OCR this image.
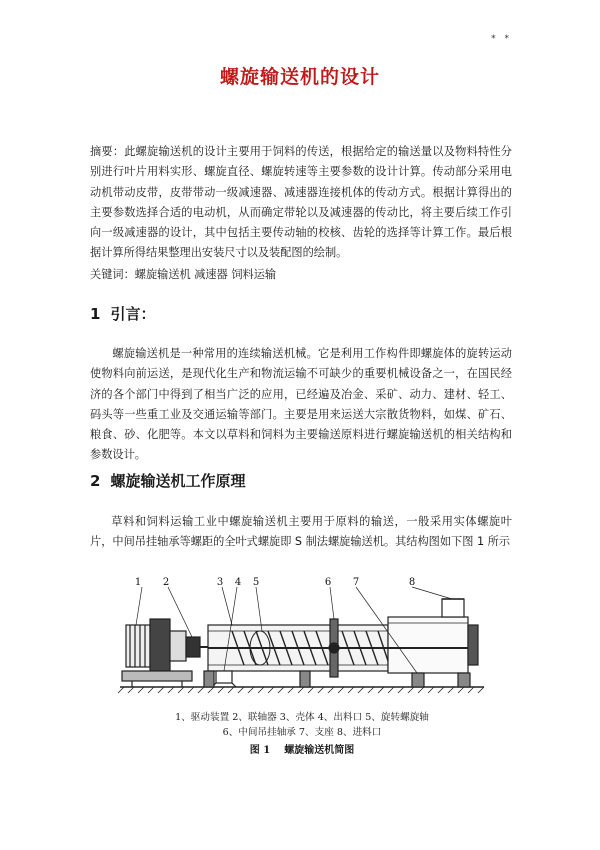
* *
螺旋输送机的设计
摘要：此螺旋输送机的设计主要用于饲料的传送，根据给定的输送量以及物料特性分别进行叶片用料实形、螺旋直径、螺旋转速等主要参数的设计计算。传动部分采用电动机带动皮带，皮带带动一级减速器、减速器连接机体的传动方式。根据计算得出的主要参数选择合适的电动机，从而确定带轮以及减速器的传动比，将主要后续工作引向一级减速器的设计，其中包括主要传动轴的校核、齿轮的选择等计算工作。最后根据计算所得结果整理出安装尺寸以及装配图的绘制。
关键词：螺旋输送机 减速器 饲料运输
1 引言：
螺旋输送机是一种常用的连续输送机械。它是利用工作构件即螺旋体的旋转运动使物料向前运送，是现代化生产和物流运输不可缺少的重要机械设备之一，在国民经济的各个部门中得到了相当广泛的应用，已经遍及冶金、采矿、动力、建材、轻工、码头等一些重工业及交通运输等部门。主要是用来运送大宗散货物料，如煤、矿石、粮食、砂、化肥等。本文以草料和饲料为主要输送原料进行螺旋输送机的相关结构和参数设计。
2 螺旋输送机工作原理
草料和饲料运输工业中螺旋输送机主要用于原料的输送，一般采用实体螺旋叶片，中间吊挂轴承等螺距的全叶式螺旋即 S 制法螺旋输送机。其结构图如下图 1 所示
1 2	3 4 5	6 7	8
1、驱动装置 2、联轴器 3、壳体 4、出料口 5、旋转螺旋轴
6、中间吊挂轴承 7、支座 8、进料口
图 1 螺旋输送机简图
